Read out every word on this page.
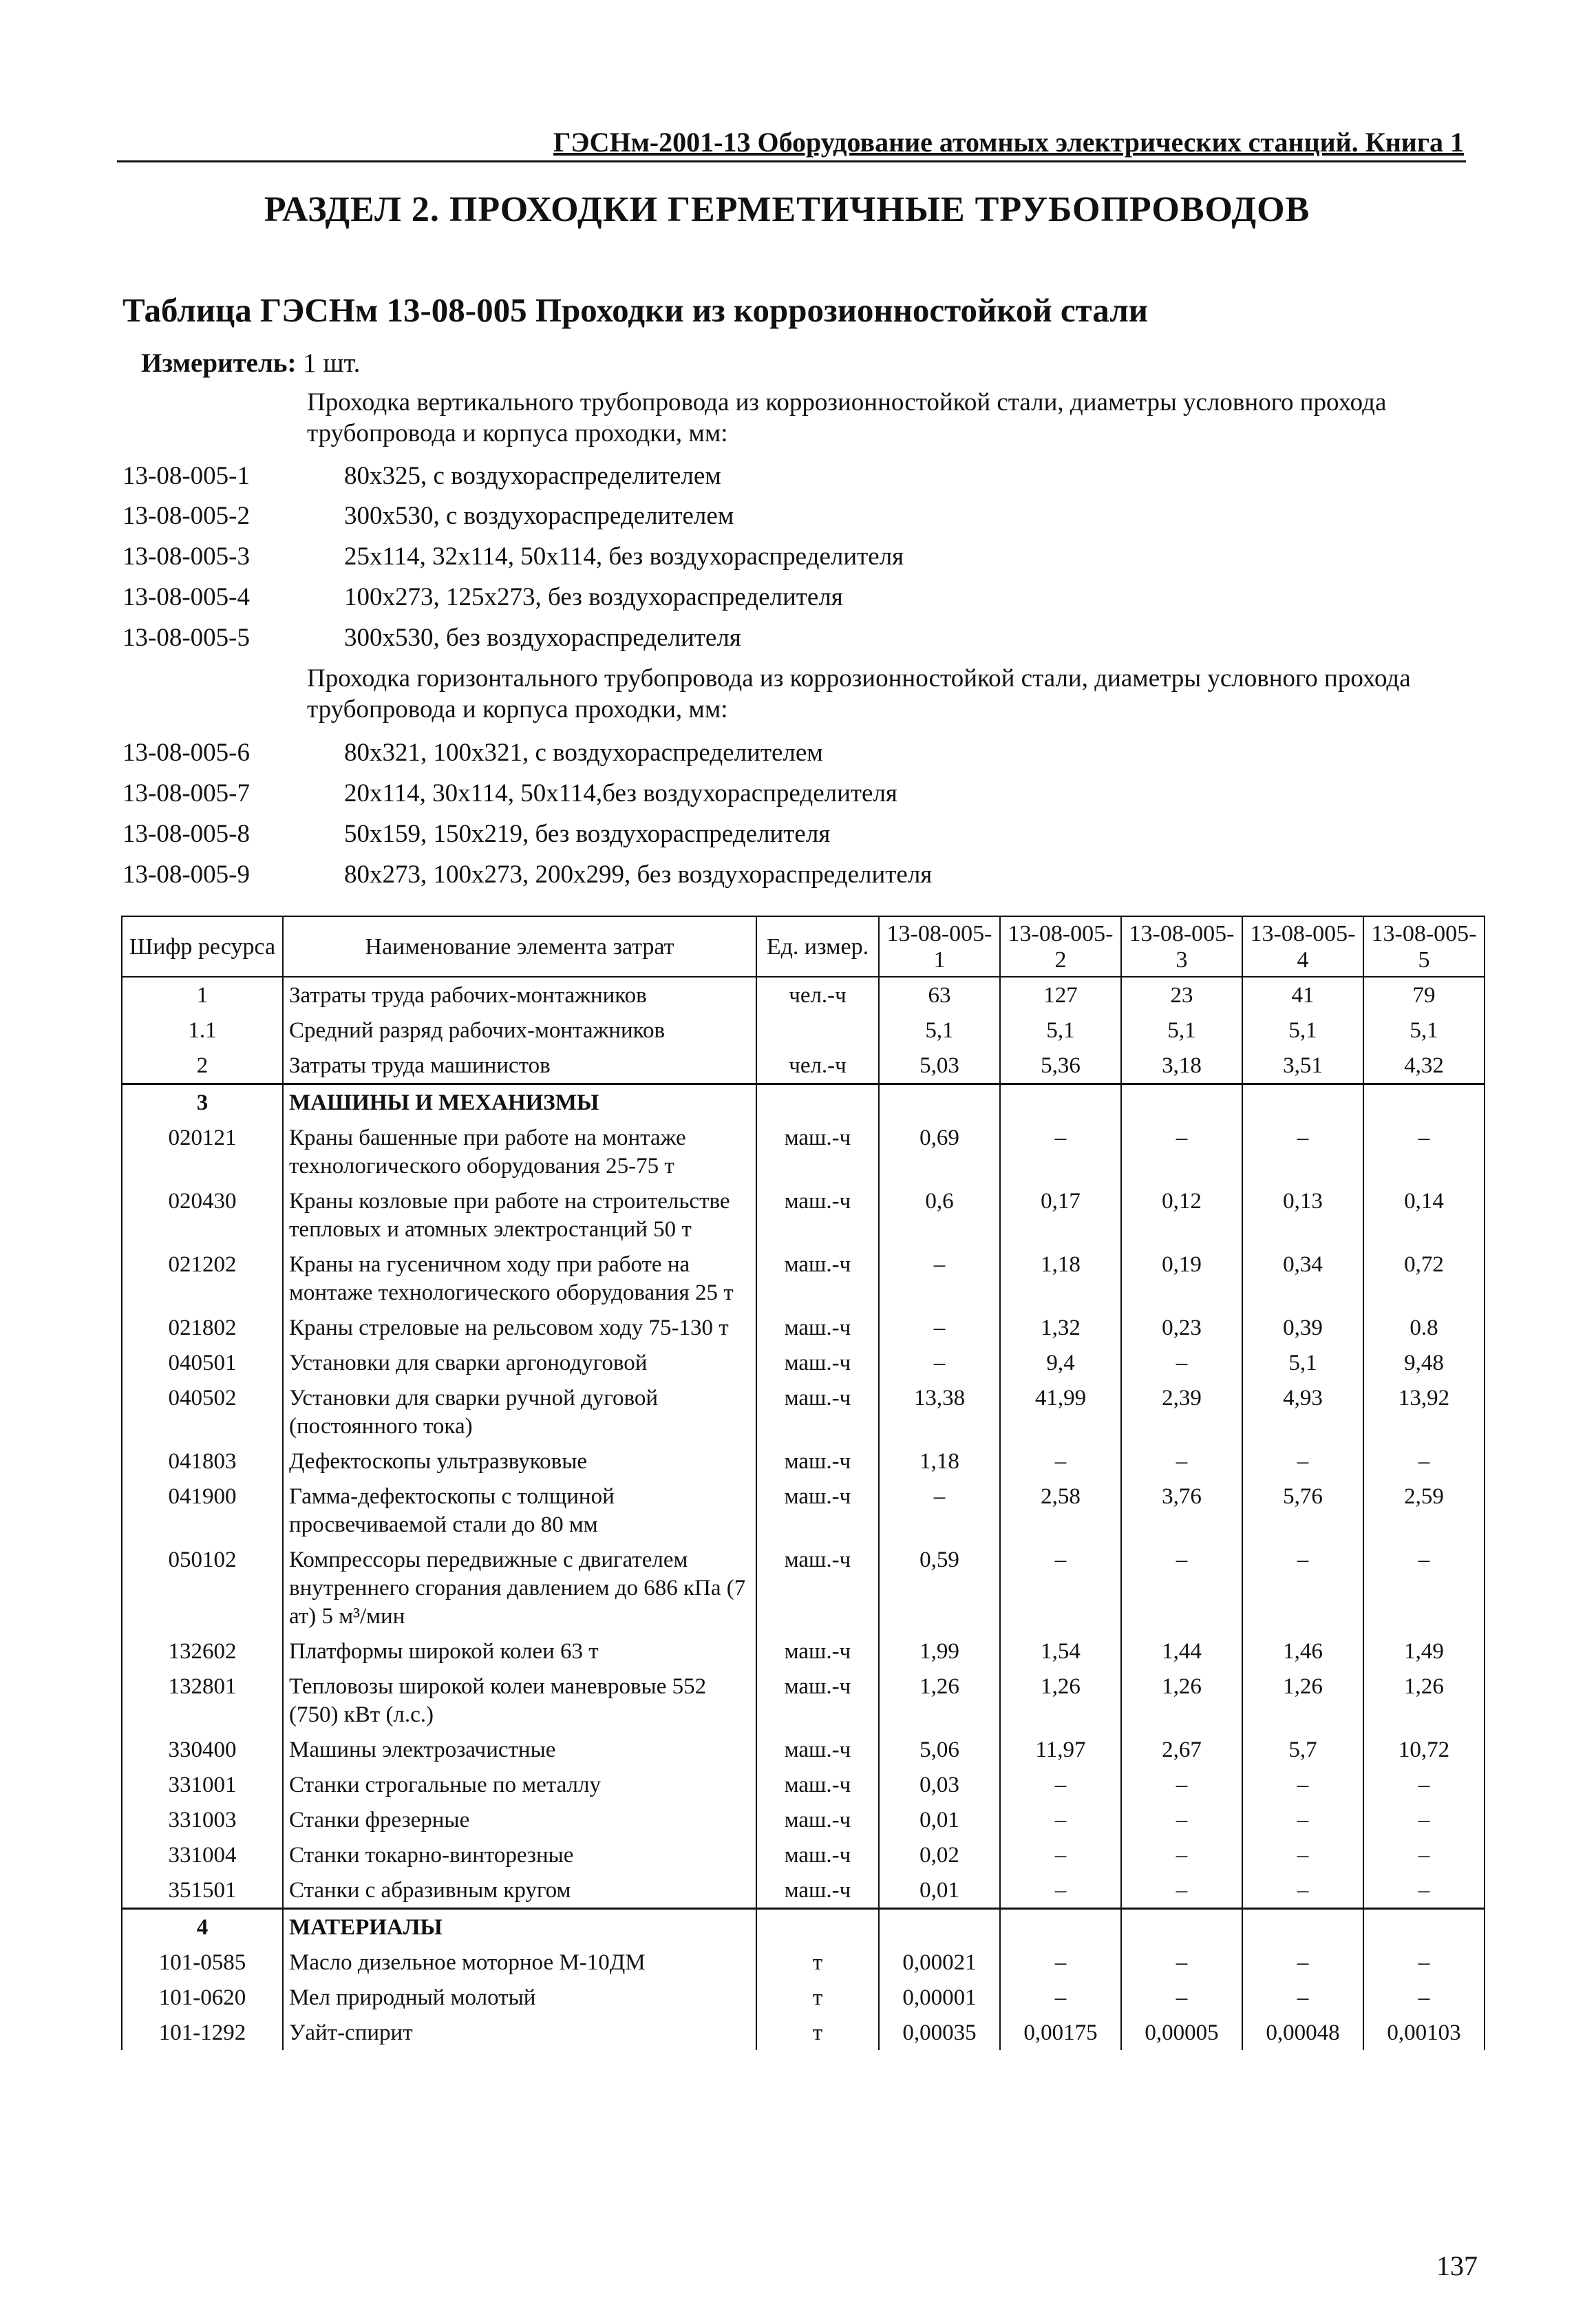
ГЭСНм-2001-13 Оборудование атомных электрических станций. Книга 1
РАЗДЕЛ 2. ПРОХОДКИ ГЕРМЕТИЧНЫЕ ТРУБОПРОВОДОВ
Таблица ГЭСНм 13-08-005 Проходки из коррозионностойкой стали
Измеритель: 1 шт.
Проходка вертикального трубопровода из коррозионностойкой стали, диаметры условного прохода трубопровода и корпуса проходки, мм:
13-08-005-1	80x325, с воздухораспределителем
13-08-005-2	300x530, с воздухораспределителем
13-08-005-3	25x114, 32x114, 50x114, без воздухораспределителя
13-08-005-4	100x273, 125x273, без воздухораспределителя
13-08-005-5	300x530, без воздухораспределителя
Проходка горизонтального трубопровода из коррозионностойкой стали, диаметры условного прохода трубопровода и корпуса проходки, мм:
13-08-005-6	80x321, 100x321, с воздухораспределителем
13-08-005-7	20x114, 30x114, 50x114,без воздухораспределителя
13-08-005-8	50x159, 150x219, без воздухораспределителя
13-08-005-9	80x273, 100x273, 200x299, без воздухораспределителя
Шифр ресурса	Наименование элемента затрат	Ед. измер.	13-08-005-1	13-08-005-2	13-08-005-3	13-08-005-4	13-08-005-5
1	Затраты труда рабочих-монтажников	чел.-ч	63	127	23	41	79
1.1	Средний разряд рабочих-монтажников		5,1	5,1	5,1	5,1	5,1
2	Затраты труда машинистов	чел.-ч	5,03	5,36	3,18	3,51	4,32
3	МАШИНЫ И МЕХАНИЗМЫ						
020121	Краны башенные при работе на монтаже технологического оборудования 25-75 т	маш.-ч	0,69	–	–	–	–
020430	Краны козловые при работе на строительстве тепловых и атомных электростанций 50 т	маш.-ч	0,6	0,17	0,12	0,13	0,14
021202	Краны на гусеничном ходу при работе на монтаже технологического оборудования 25 т	маш.-ч	–	1,18	0,19	0,34	0,72
021802	Краны стреловые на рельсовом ходу 75-130 т	маш.-ч	–	1,32	0,23	0,39	0.8
040501	Установки для сварки аргонодуговой	маш.-ч	–	9,4	–	5,1	9,48
040502	Установки для сварки ручной дуговой (постоянного тока)	маш.-ч	13,38	41,99	2,39	4,93	13,92
041803	Дефектоскопы ультразвуковые	маш.-ч	1,18	–	–	–	–
041900	Гамма-дефектоскопы с толщиной просвечиваемой стали до 80 мм	маш.-ч	–	2,58	3,76	5,76	2,59
050102	Компрессоры передвижные с двигателем внутреннего сгорания давлением до 686 кПа (7 ат) 5 м³/мин	маш.-ч	0,59	–	–	–	–
132602	Платформы широкой колеи 63 т	маш.-ч	1,99	1,54	1,44	1,46	1,49
132801	Тепловозы широкой колеи маневровые 552 (750) кВт (л.с.)	маш.-ч	1,26	1,26	1,26	1,26	1,26
330400	Машины электрозачистные	маш.-ч	5,06	11,97	2,67	5,7	10,72
331001	Станки строгальные по металлу	маш.-ч	0,03	–	–	–	–
331003	Станки фрезерные	маш.-ч	0,01	–	–	–	–
331004	Станки токарно-винторезные	маш.-ч	0,02	–	–	–	–
351501	Станки с абразивным кругом	маш.-ч	0,01	–	–	–	–
4	МАТЕРИАЛЫ						
101-0585	Масло дизельное моторное М-10ДМ	т	0,00021	–	–	–	–
101-0620	Мел природный молотый	т	0,00001	–	–	–	–
101-1292	Уайт-спирит	т	0,00035	0,00175	0,00005	0,00048	0,00103
137
